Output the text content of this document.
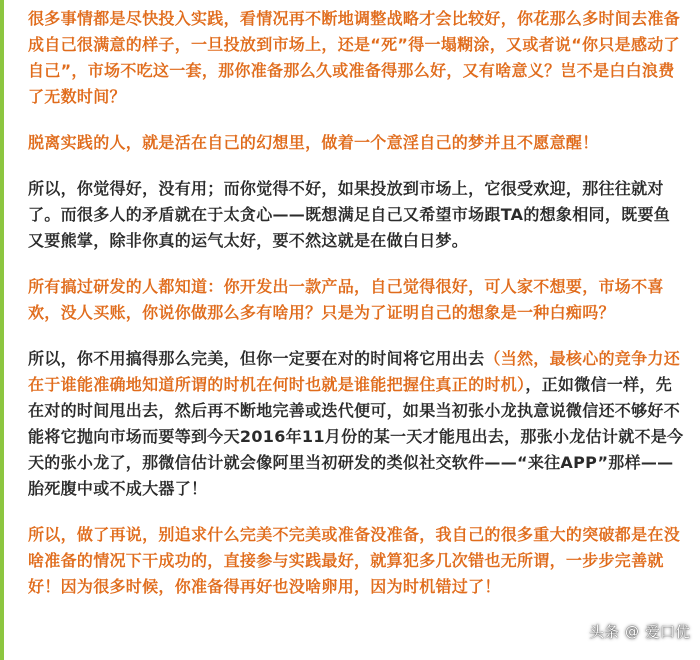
很多事情都是尽快投入实践，看情况再不断地调整战略才会比较好，你花那么多时间去准备成自己很满意的样子，一旦投放到市场上，还是“死”得一塌糊涂，又或者说“你只是感动了自己”，市场不吃这一套，那你准备那么久或准备得那么好，又有啥意义？岂不是白白浪费了无数时间？

脱离实践的人，就是活在自己的幻想里，做着一个意淫自己的梦并且不愿意醒！

所以，你觉得好，没有用；而你觉得不好，如果投放到市场上，它很受欢迎，那往往就对了。而很多人的矛盾就在于太贪心——既想满足自己又希望市场跟TA的想象相同，既要鱼又要熊掌，除非你真的运气太好，要不然这就是在做白日梦。

所有搞过研发的人都知道：你开发出一款产品，自己觉得很好，可人家不想要，市场不喜欢，没人买账，你说你做那么多有啥用？只是为了证明自己的想象是一种白痴吗？

所以，你不用搞得那么完美，但你一定要在对的时间将它用出去（当然，最核心的竞争力还在于谁能准确地知道所谓的时机在何时也就是谁能把握住真正的时机），正如微信一样，先在对的时间甩出去，然后再不断地完善或迭代便可，如果当初张小龙执意说微信还不够好不能将它抛向市场而要等到今天2016年11月份的某一天才能甩出去，那张小龙估计就不是今天的张小龙了，那微信估计就会像阿里当初研发的类似社交软件——“来往APP”那样——胎死腹中或不成大器了！

所以，做了再说，别追求什么完美不完美或准备没准备，我自己的很多重大的突破都是在没啥准备的情况下干成功的，直接参与实践最好，就算犯多几次错也无所谓，一步步完善就好！因为很多时候，你准备得再好也没啥卵用，因为时机错过了！

头条 @ 爱口优
